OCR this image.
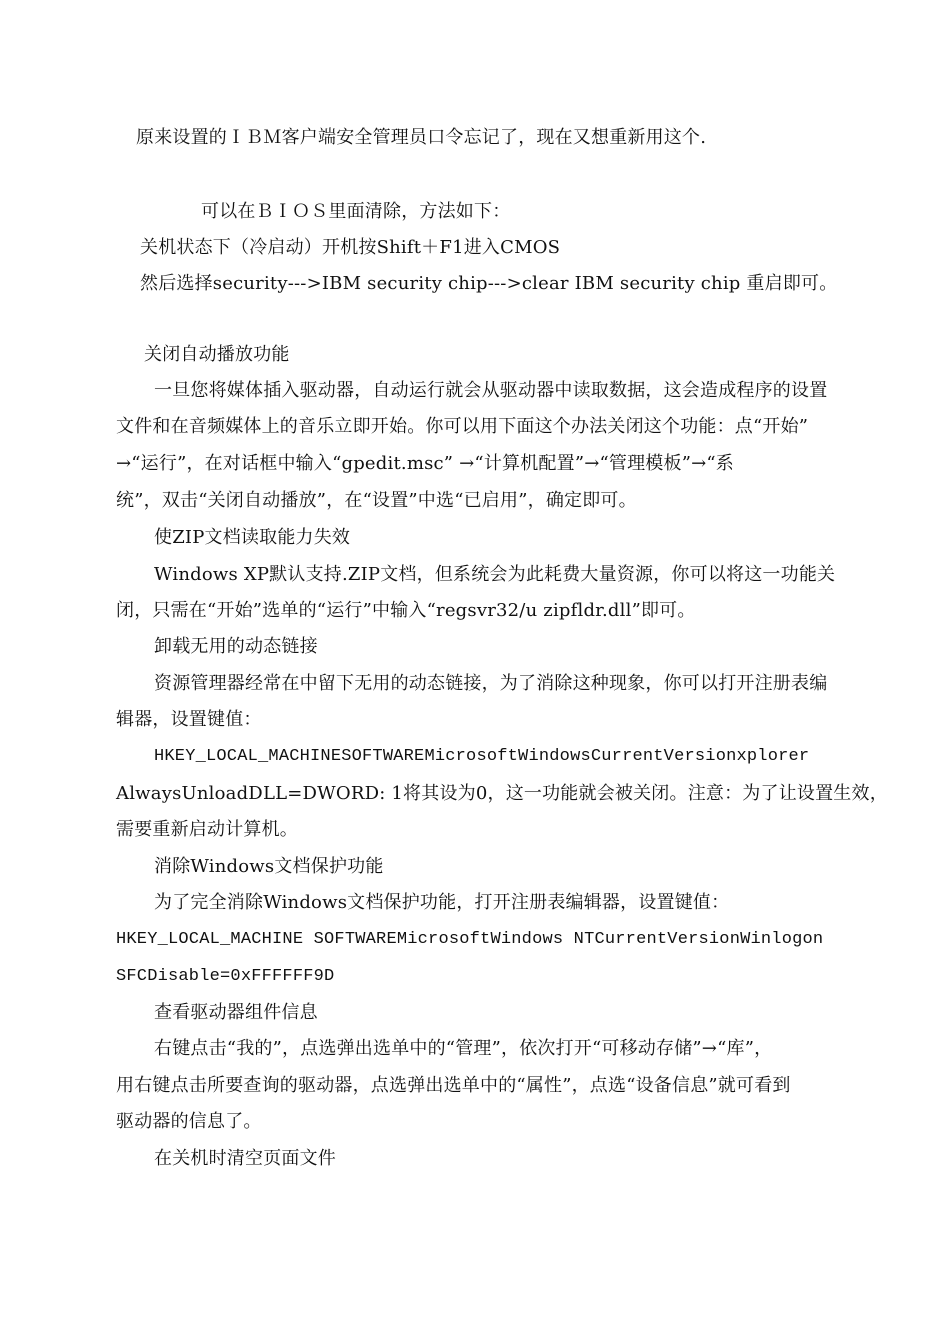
原来设置的ＩＢＭ客户端安全管理员口令忘记了，现在又想重新用这个.
可以在ＢＩＯＳ里面清除，方法如下：
关机状态下（冷启动）开机按Shift＋F1进入CMOS
然后选择security--->IBM security chip--->clear IBM security chip 重启即可。
关闭自动播放功能
一旦您将媒体插入驱动器，自动运行就会从驱动器中读取数据，这会造成程序的设置
文件和在音频媒体上的音乐立即开始。你可以用下面这个办法关闭这个功能：点“开始”
→“运行”，在对话框中输入“gpedit.msc” →“计算机配置”→“管理模板”→“系
统”，双击“关闭自动播放”，在“设置”中选“已启用”，确定即可。
使ZIP文档读取能力失效
Windows XP默认支持.ZIP文档，但系统会为此耗费大量资源，你可以将这一功能关
闭，只需在“开始”选单的“运行”中输入“regsvr32/u zipfldr.dll”即可。
卸载无用的动态链接
资源管理器经常在中留下无用的动态链接，为了消除这种现象，你可以打开注册表编
辑器，设置键值：
HKEY_LOCAL_MACHINESOFTWAREMicrosoftWindowsCurrentVersionxplorer
AlwaysUnloadDLL=DWORD: 1将其设为0，这一功能就会被关闭。注意：为了让设置生效，
需要重新启动计算机。
消除Windows文档保护功能
为了完全消除Windows文档保护功能，打开注册表编辑器，设置键值：
HKEY_LOCAL_MACHINE SOFTWAREMicrosoftWindows NTCurrentVersionWinlogon
SFCDisable=0xFFFFFF9D
查看驱动器组件信息
右键点击“我的”，点选弹出选单中的“管理”，依次打开“可移动存储”→“库”，
用右键点击所要查询的驱动器，点选弹出选单中的“属性”，点选“设备信息”就可看到
驱动器的信息了。
在关机时清空页面文件
